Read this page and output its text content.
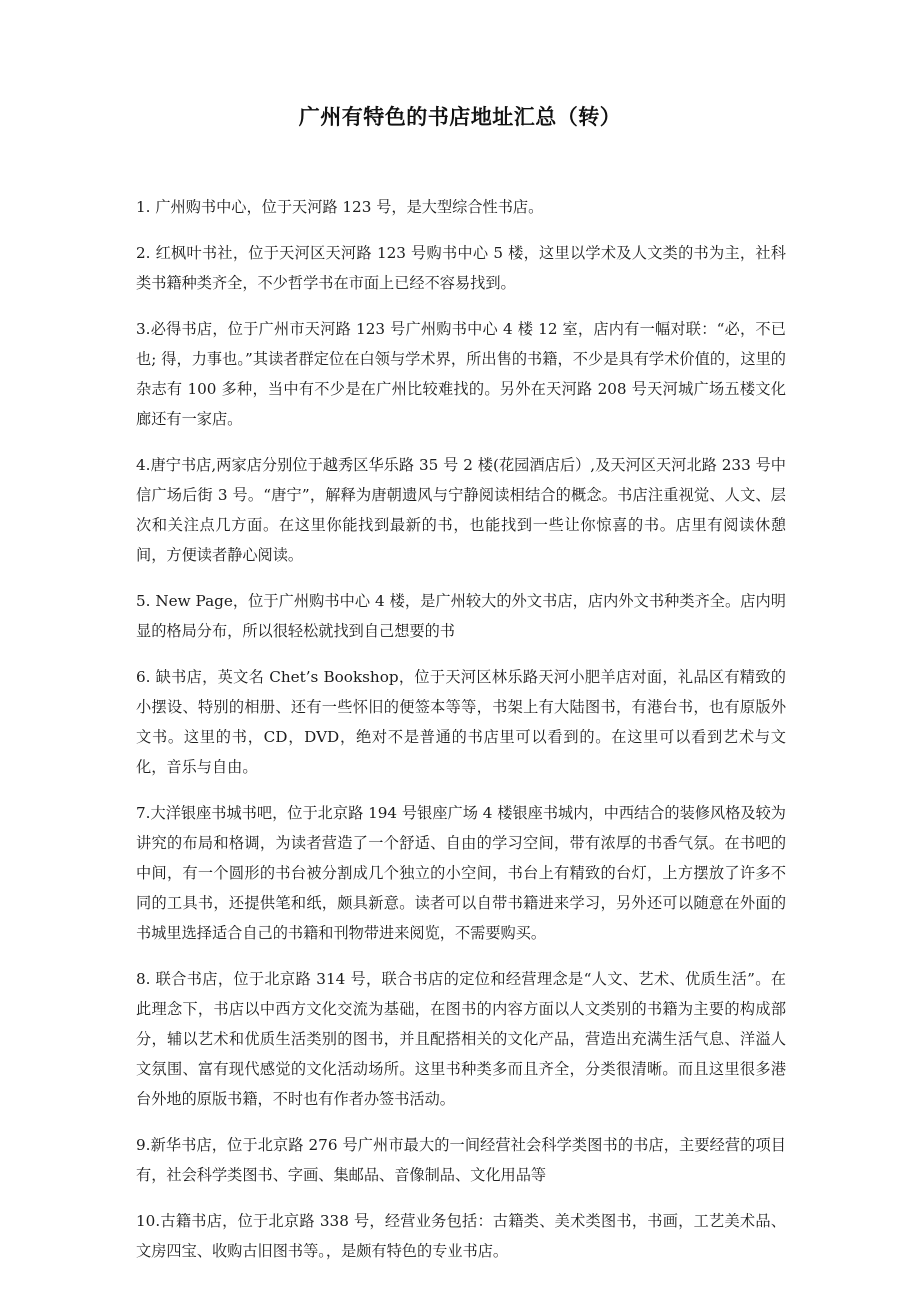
广州有特色的书店地址汇总（转）

1. 广州购书中心，位于天河路 123 号，是大型综合性书店。

2. 红枫叶书社，位于天河区天河路 123 号购书中心 5 楼，这里以学术及人文类的书为主，社科类书籍种类齐全，不少哲学书在市面上已经不容易找到。

3.必得书店，位于广州市天河路 123 号广州购书中心 4 楼 12 室，店内有一幅对联：“必，不已也; 得，力事也。”其读者群定位在白领与学术界，所出售的书籍，不少是具有学术价值的，这里的杂志有 100 多种，当中有不少是在广州比较难找的。另外在天河路 208 号天河城广场五楼文化廊还有一家店。

4.唐宁书店,两家店分别位于越秀区华乐路 35 号 2 楼(花园酒店后）,及天河区天河北路 233 号中信广场后街 3 号。“唐宁”，解释为唐朝遗风与宁静阅读相结合的概念。书店注重视觉、人文、层次和关注点几方面。在这里你能找到最新的书，也能找到一些让你惊喜的书。店里有阅读休憩间，方便读者静心阅读。

5. New Page，位于广州购书中心 4 楼，是广州较大的外文书店，店内外文书种类齐全。店内明显的格局分布，所以很轻松就找到自己想要的书

6. 缺书店，英文名 Chet’s Bookshop，位于天河区林乐路天河小肥羊店对面，礼品区有精致的小摆设、特别的相册、还有一些怀旧的便签本等等，书架上有大陆图书，有港台书，也有原版外文书。这里的书，CD，DVD，绝对不是普通的书店里可以看到的。在这里可以看到艺术与文化，音乐与自由。

7.大洋银座书城书吧，位于北京路 194 号银座广场 4 楼银座书城内，中西结合的装修风格及较为讲究的布局和格调，为读者营造了一个舒适、自由的学习空间，带有浓厚的书香气氛。在书吧的中间，有一个圆形的书台被分割成几个独立的小空间，书台上有精致的台灯，上方摆放了许多不同的工具书，还提供笔和纸，颇具新意。读者可以自带书籍进来学习，另外还可以随意在外面的书城里选择适合自己的书籍和刊物带进来阅览，不需要购买。

8. 联合书店，位于北京路 314 号，联合书店的定位和经营理念是“人文、艺术、优质生活”。在此理念下，书店以中西方文化交流为基础，在图书的内容方面以人文类别的书籍为主要的构成部分，辅以艺术和优质生活类别的图书，并且配搭相关的文化产品，营造出充满生活气息、洋溢人文氛围、富有现代感觉的文化活动场所。这里书种类多而且齐全，分类很清晰。而且这里很多港台外地的原版书籍，不时也有作者办签书活动。

9.新华书店，位于北京路 276 号广州市最大的一间经营社会科学类图书的书店，主要经营的项目有，社会科学类图书、字画、集邮品、音像制品、文化用品等

10.古籍书店，位于北京路 338 号，经营业务包括：古籍类、美术类图书，书画，工艺美术品、文房四宝、收购古旧图书等。，是颇有特色的专业书店。
